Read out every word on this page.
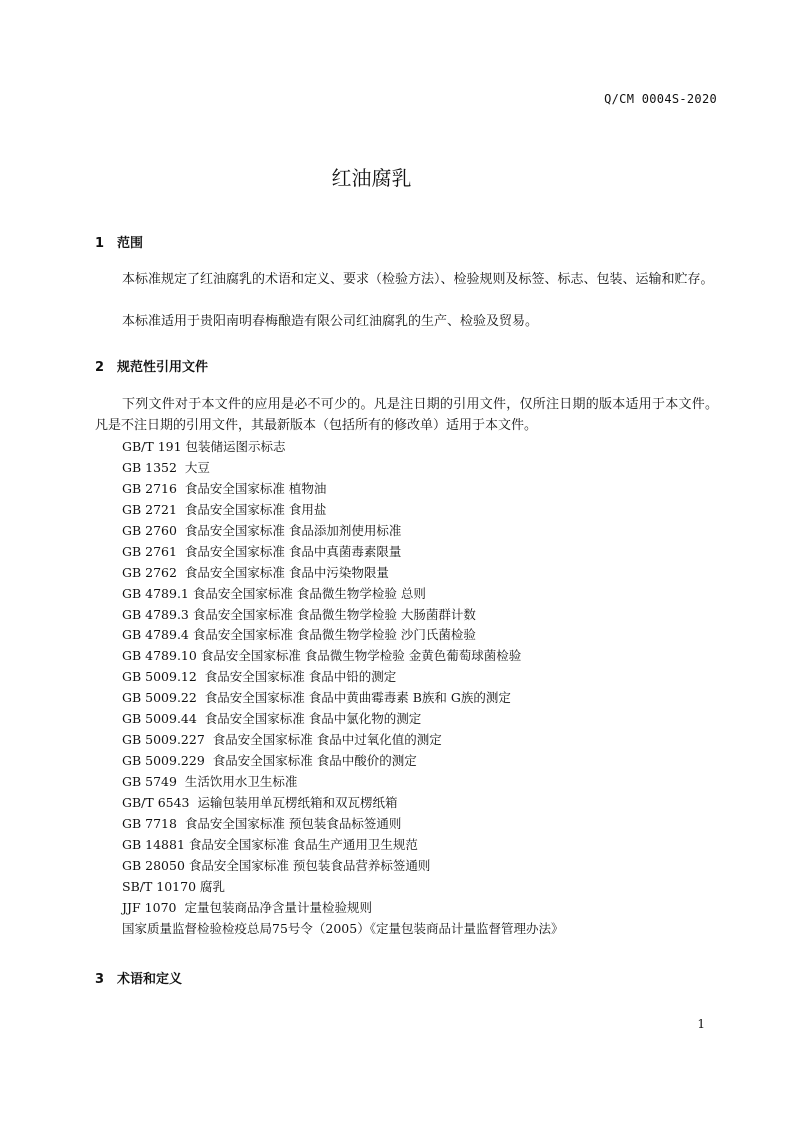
Q/CM 0004S-2020
红油腐乳
1 范围

本标准规定了红油腐乳的术语和定义、要求（检验方法）、检验规则及标签、标志、包装、运输和贮存。

本标准适用于贵阳南明春梅酿造有限公司红油腐乳的生产、检验及贸易。

2 规范性引用文件

下列文件对于本文件的应用是必不可少的。凡是注日期的引用文件，仅所注日期的版本适用于本文件。凡是不注日期的引用文件，其最新版本（包括所有的修改单）适用于本文件。

GB/T 191 包装储运图示标志
GB 1352  大豆
GB 2716  食品安全国家标准 植物油
GB 2721  食品安全国家标准 食用盐
GB 2760  食品安全国家标准 食品添加剂使用标准
GB 2761  食品安全国家标准 食品中真菌毒素限量
GB 2762  食品安全国家标准 食品中污染物限量
GB 4789.1 食品安全国家标准 食品微生物学检验 总则
GB 4789.3 食品安全国家标准 食品微生物学检验 大肠菌群计数
GB 4789.4 食品安全国家标准 食品微生物学检验 沙门氏菌检验
GB 4789.10 食品安全国家标准 食品微生物学检验 金黄色葡萄球菌检验
GB 5009.12  食品安全国家标准 食品中铅的测定
GB 5009.22  食品安全国家标准 食品中黄曲霉毒素 B族和 G族的测定
GB 5009.44  食品安全国家标准 食品中氯化物的测定
GB 5009.227  食品安全国家标准 食品中过氧化值的测定
GB 5009.229  食品安全国家标准 食品中酸价的测定
GB 5749  生活饮用水卫生标准
GB/T 6543  运输包装用单瓦楞纸箱和双瓦楞纸箱
GB 7718  食品安全国家标准 预包装食品标签通则
GB 14881 食品安全国家标准 食品生产通用卫生规范
GB 28050 食品安全国家标准 预包装食品营养标签通则
SB/T 10170 腐乳
JJF 1070  定量包装商品净含量计量检验规则
国家质量监督检验检疫总局75号令（2005）《定量包装商品计量监督管理办法》
3 术语和定义
1
